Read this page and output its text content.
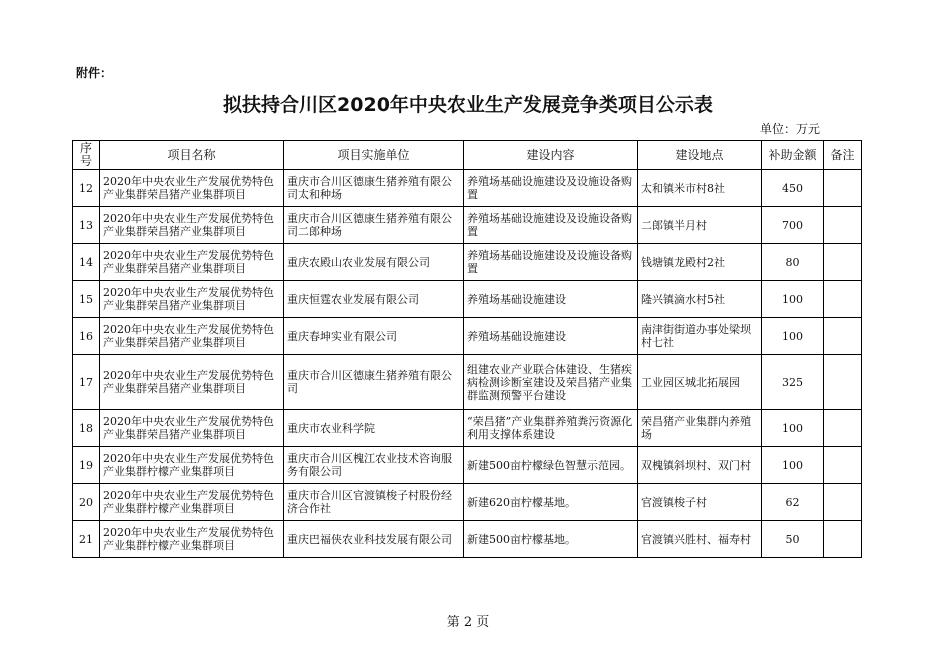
附件：
拟扶持合川区2020年中央农业生产发展竞争类项目公示表
单位：万元
序号	项目名称	项目实施单位	建设内容	建设地点	补助金额	备注
12	2020年中央农业生产发展优势特色产业集群荣昌猪产业集群项目	重庆市合川区德康生猪养殖有限公司太和种场	养殖场基础设施建设及设施设备购置	太和镇米市村8社	450	
13	2020年中央农业生产发展优势特色产业集群荣昌猪产业集群项目	重庆市合川区德康生猪养殖有限公司二郎种场	养殖场基础设施建设及设施设备购置	二郎镇半月村	700	
14	2020年中央农业生产发展优势特色产业集群荣昌猪产业集群项目	重庆农殿山农业发展有限公司	养殖场基础设施建设及设施设备购置	钱塘镇龙殿村2社	80	
15	2020年中央农业生产发展优势特色产业集群荣昌猪产业集群项目	重庆恒霆农业发展有限公司	养殖场基础设施建设	隆兴镇滴水村5社	100	
16	2020年中央农业生产发展优势特色产业集群荣昌猪产业集群项目	重庆春坤实业有限公司	养殖场基础设施建设	南津街街道办事处梁坝村七社	100	
17	2020年中央农业生产发展优势特色产业集群荣昌猪产业集群项目	重庆市合川区德康生猪养殖有限公司	组建农业产业联合体建设、生猪疾病检测诊断室建设及荣昌猪产业集群监测预警平台建设	工业园区城北拓展园	325	
18	2020年中央农业生产发展优势特色产业集群荣昌猪产业集群项目	重庆市农业科学院	“荣昌猪”产业集群养殖粪污资源化利用支撑体系建设	荣昌猪产业集群内养殖场	100	
19	2020年中央农业生产发展优势特色产业集群柠檬产业集群项目	重庆市合川区槐江农业技术咨询服务有限公司	新建500亩柠檬绿色智慧示范园。	双槐镇斜坝村、双门村	100	
20	2020年中央农业生产发展优势特色产业集群柠檬产业集群项目	重庆市合川区官渡镇梭子村股份经济合作社	新建620亩柠檬基地。	官渡镇梭子村	62	
21	2020年中央农业生产发展优势特色产业集群柠檬产业集群项目	重庆巴福侠农业科技发展有限公司	新建500亩柠檬基地。	官渡镇兴胜村、福寿村	50	
第 2 页
